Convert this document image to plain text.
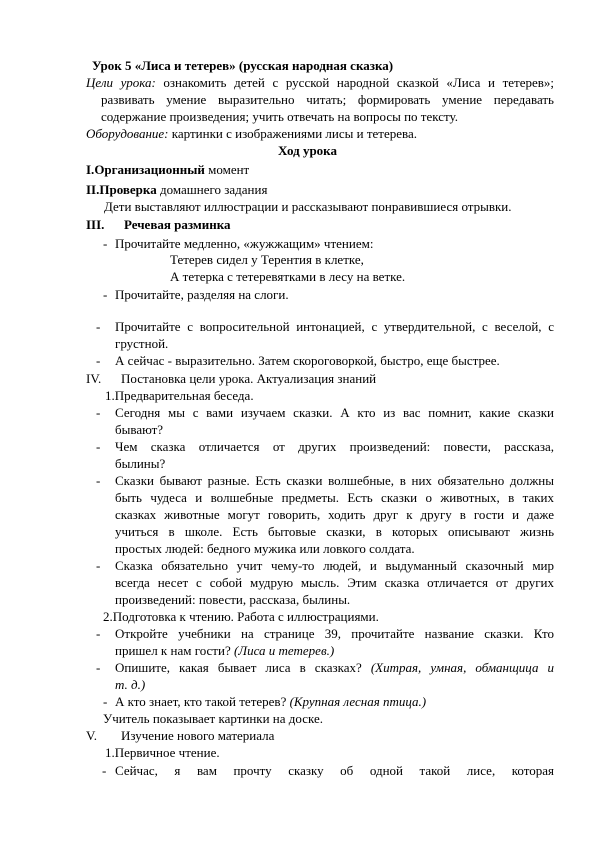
Урок 5 «Лиса и тетерев» (русская народная сказка)
Цели урока: ознакомить детей с русской народной сказкой «Лиса и тетерев»;
развивать умение выразительно читать; формировать умение передавать
содержание произведения; учить отвечать на вопросы по тексту.
Оборудование: картинки с изображениями лисы и тетерева.
Ход урока
I.Организационный момент
II.Проверка домашнего задания
Дети выставляют иллюстрации и рассказывают понравившиеся отрывки.
III. Речевая разминка
- Прочитайте медленно, «жужжащим» чтением:
Тетерев сидел у Терентия в клетке,
А тетерка с тетеревятками в лесу на ветке.
- Прочитайте, разделяя на слоги.
- Прочитайте с вопросительной интонацией, с утвердительной, с веселой, с
грустной.
- А сейчас - выразительно. Затем скороговоркой, быстро, еще быстрее.
IV. Постановка цели урока. Актуализация знаний
1.Предварительная беседа.
- Сегодня мы с вами изучаем сказки. А кто из вас помнит, какие сказки
бывают?
- Чем сказка отличается от других произведений: повести, рассказа,
былины?
- Сказки бывают разные. Есть сказки волшебные, в них обязательно должны
быть чудеса и волшебные предметы. Есть сказки о животных, в таких
сказках животные могут говорить, ходить друг к другу в гости и даже
учиться в школе. Есть бытовые сказки, в которых описывают жизнь
простых людей: бедного мужика или ловкого солдата.
- Сказка обязательно учит чему-то людей, и выдуманный сказочный мир
всегда несет с собой мудрую мысль. Этим сказка отличается от других
произведений: повести, рассказа, былины.
2.Подготовка к чтению. Работа с иллюстрациями.
- Откройте учебники на странице 39, прочитайте название сказки. Кто
пришел к нам гости? (Лиса и тетерев.)
- Опишите, какая бывает лиса в сказках? (Хитрая, умная, обманщица и
т. д.)
- А кто знает, кто такой тетерев? (Крупная лесная птица.)
Учитель показывает картинки на доске.
V. Изучение нового материала
1.Первичное чтение.
- Сейчас, я вам прочту сказку об одной такой лисе, которая
